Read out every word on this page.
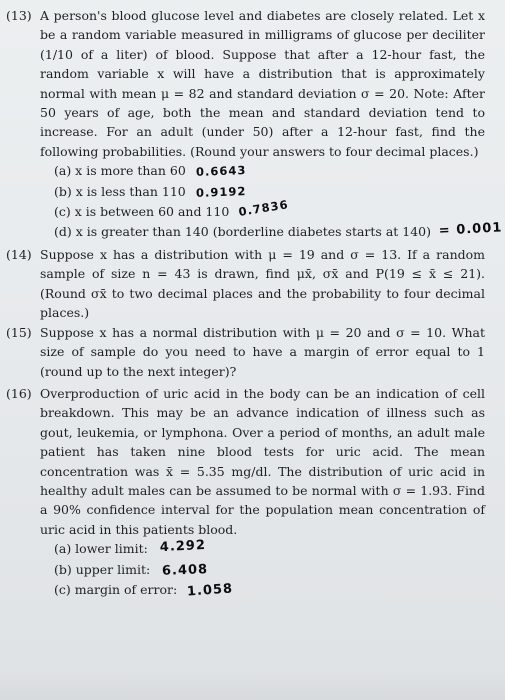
(13) A person's blood glucose level and diabetes are closely related. Let x be a random variable measured in milligrams of glucose per deciliter (1/10 of a liter) of blood. Suppose that after a 12-hour fast, the random variable x will have a distribution that is approximately normal with mean μ = 82 and standard deviation σ = 20. Note: After 50 years of age, both the mean and standard deviation tend to increase. For an adult (under 50) after a 12-hour fast, find the following probabilities. (Round your answers to four decimal places.)

(a) x is more than 60 0.6643
(b) x is less than 110 0.9192
(c) x is between 60 and 110 0.7836
(d) x is greater than 140 (borderline diabetes starts at 140) = 0.001
(14) Suppose x has a distribution with μ = 19 and σ = 13. If a random sample of size n = 43 is drawn, find μx̄, σx̄ and P(19 ≤ x̄ ≤ 21). (Round σx̄ to two decimal places and the probability to four decimal places.)

(15) Suppose x has a normal distribution with μ = 20 and σ = 10. What size of sample do you need to have a margin of error equal to 1 (round up to the next integer)?

(16) Overproduction of uric acid in the body can be an indication of cell breakdown. This may be an advance indication of illness such as gout, leukemia, or lymphona. Over a period of months, an adult male patient has taken nine blood tests for uric acid. The mean concentration was x̄ = 5.35 mg/dl. The distribution of uric acid in healthy adult males can be assumed to be normal with σ = 1.93. Find a 90% confidence interval for the population mean concentration of uric acid in this patients blood.

(a) lower limit: 4.292
(b) upper limit: 6.408
(c) margin of error: 1.058
